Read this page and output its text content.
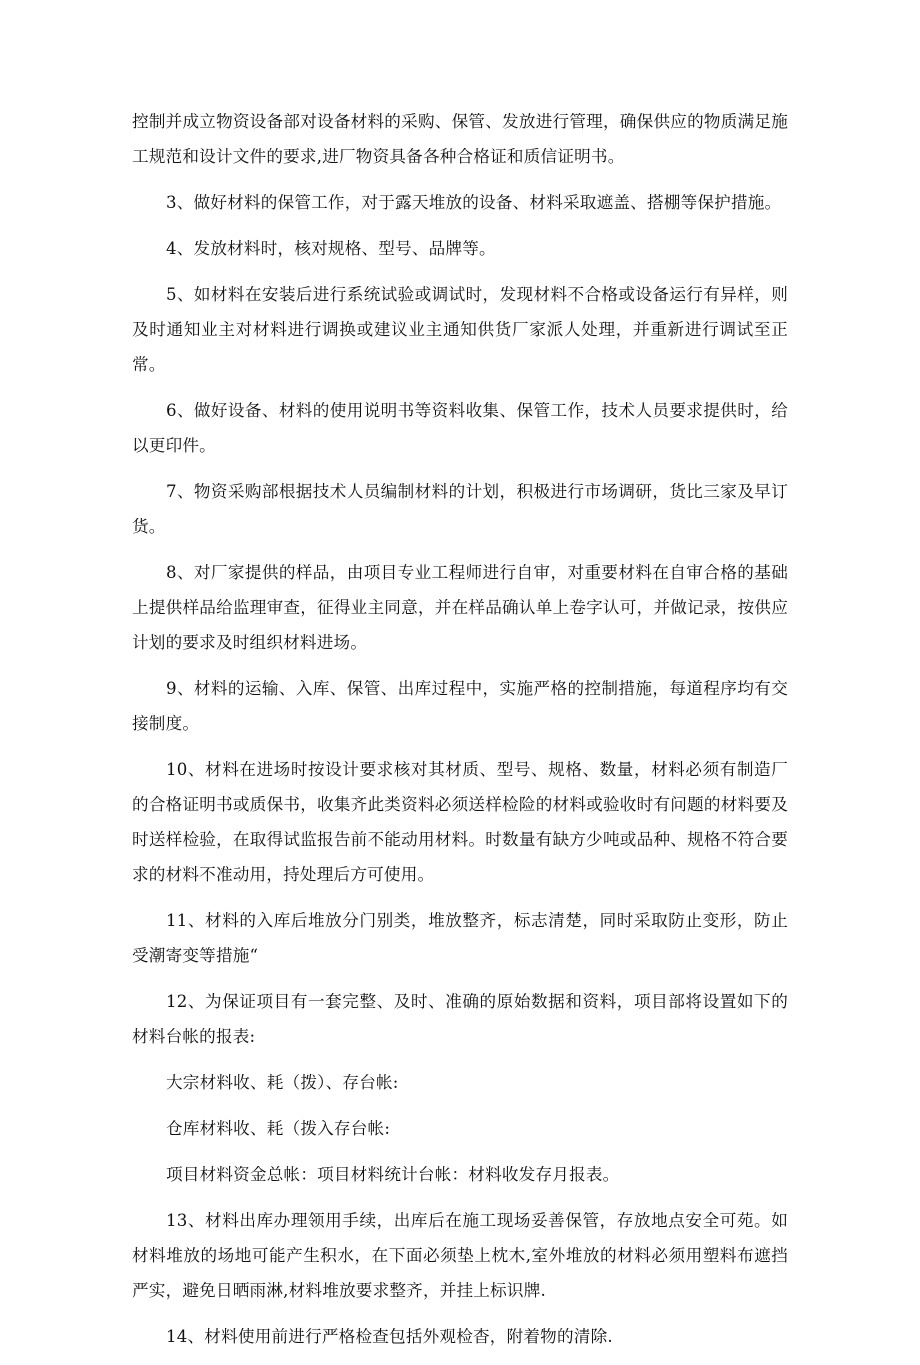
控制并成立物资设备部对设备材料的采购、保管、发放进行管理，确保供应的物质满足施工规范和设计文件的要求,进厂物资具备各种合格证和质信证明书。

3、做好材料的保管工作，对于露天堆放的设备、材料采取遮盖、搭棚等保护措施。

4、发放材料时，核对规格、型号、品牌等。

5、如材料在安装后进行系统试验或调试时，发现材料不合格或设备运行有异样，则及时通知业主对材料进行调换或建议业主通知供货厂家派人处理，并重新进行调试至正常。

6、做好设备、材料的使用说明书等资料收集、保管工作，技术人员要求提供时，给以更印件。

7、物资采购部根据技术人员编制材料的计划，积极进行市场调研，货比三家及早订货。

8、对厂家提供的样品，由项目专业工程师进行自审，对重要材料在自审合格的基础上提供样品给监理审查，征得业主同意，并在样品确认单上卷字认可，并做记录，按供应计划的要求及时组织材料进场。

9、材料的运输、入库、保管、出库过程中，实施严格的控制措施，每道程序均有交接制度。

10、材料在进场时按设计要求核对其材质、型号、规格、数量，材料必须有制造厂的合格证明书或质保书，收集齐此类资料必须送样检险的材料或验收时有问题的材料要及时送样检验，在取得试监报告前不能动用材料。时数量有缺方少吨或品种、规格不符合要求的材料不准动用，持处理后方可使用。

11、材料的入库后堆放分门别类，堆放整齐，标志清楚，同时采取防止变形，防止受潮寄变等措施“

12、为保证项目有一套完整、及时、准确的原始数据和资料，项目部将设置如下的材料台帐的报表:

大宗材料收、耗（拨）、存台帐:

仓库材料收、耗（拨入存台帐:

项目材料资金总帐：项目材料统计台帐：材料收发存月报表。

13、材料出库办理领用手续，出库后在施工现场妥善保管，存放地点安全可苑。如材料堆放的场地可能产生积水，在下面必须垫上枕木,室外堆放的材料必须用塑料布遮挡严实，避免日晒雨淋,材料堆放要求整齐，并挂上标识牌.

14、材料使用前进行严格检查包括外观检杳，附着物的清除.
